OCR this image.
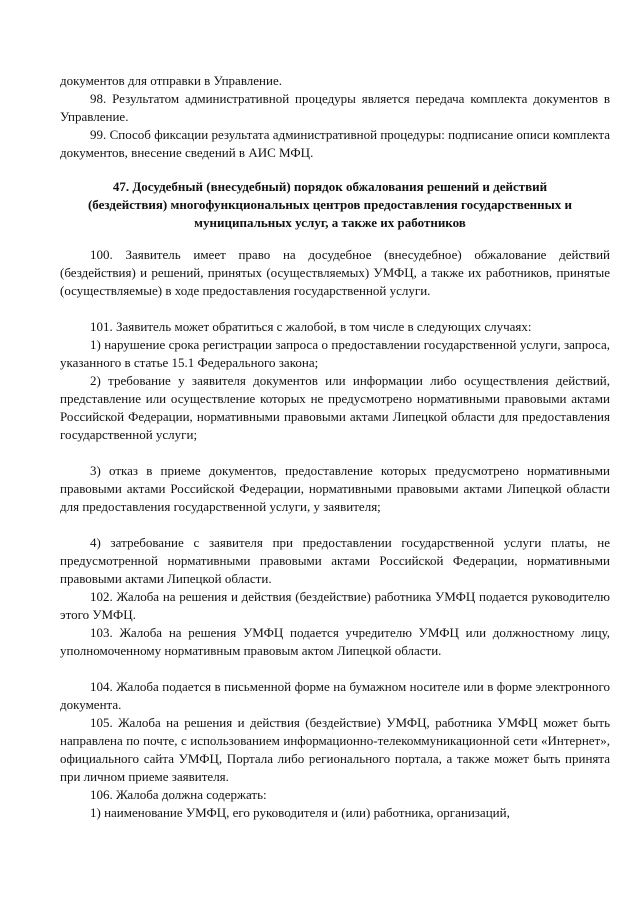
документов для отправки в Управление.

98. Результатом административной процедуры является передача комплекта документов в Управление.

99. Способ фиксации результата административной процедуры: подписание описи комплекта документов, внесение сведений в АИС МФЦ.

47. Досудебный (внесудебный) порядок обжалования решений и действий (бездействия) многофункциональных центров предоставления государственных и муниципальных услуг, а также их работников

100. Заявитель имеет право на досудебное (внесудебное) обжалование действий (бездействия) и решений, принятых (осуществляемых) УМФЦ, а также их работников, принятые (осуществляемые) в ходе предоставления государственной услуги.

101. Заявитель может обратиться с жалобой, в том числе в следующих случаях:

1) нарушение срока регистрации запроса о предоставлении государственной услуги, запроса, указанного в статье 15.1 Федерального закона;

2) требование у заявителя документов или информации либо осуществления действий, представление или осуществление которых не предусмотрено нормативными правовыми актами Российской Федерации, нормативными правовыми актами Липецкой области для предоставления государственной услуги;

3) отказ в приеме документов, предоставление которых предусмотрено нормативными правовыми актами Российской Федерации, нормативными правовыми актами Липецкой области для предоставления государственной услуги, у заявителя;

4) затребование с заявителя при предоставлении государственной услуги платы, не предусмотренной нормативными правовыми актами Российской Федерации, нормативными правовыми актами Липецкой области.

102. Жалоба на решения и действия (бездействие) работника УМФЦ подается руководителю этого УМФЦ.

103. Жалоба на решения УМФЦ подается учредителю УМФЦ или должностному лицу, уполномоченному нормативным правовым актом Липецкой области.

104. Жалоба подается в письменной форме на бумажном носителе или в форме электронного документа.

105. Жалоба на решения и действия (бездействие) УМФЦ, работника УМФЦ может быть направлена по почте, с использованием информационно-телекоммуникационной сети «Интернет», официального сайта УМФЦ, Портала либо регионального портала, а также может быть принята при личном приеме заявителя.

106. Жалоба должна содержать:

1) наименование УМФЦ, его руководителя и (или) работника, организаций,
